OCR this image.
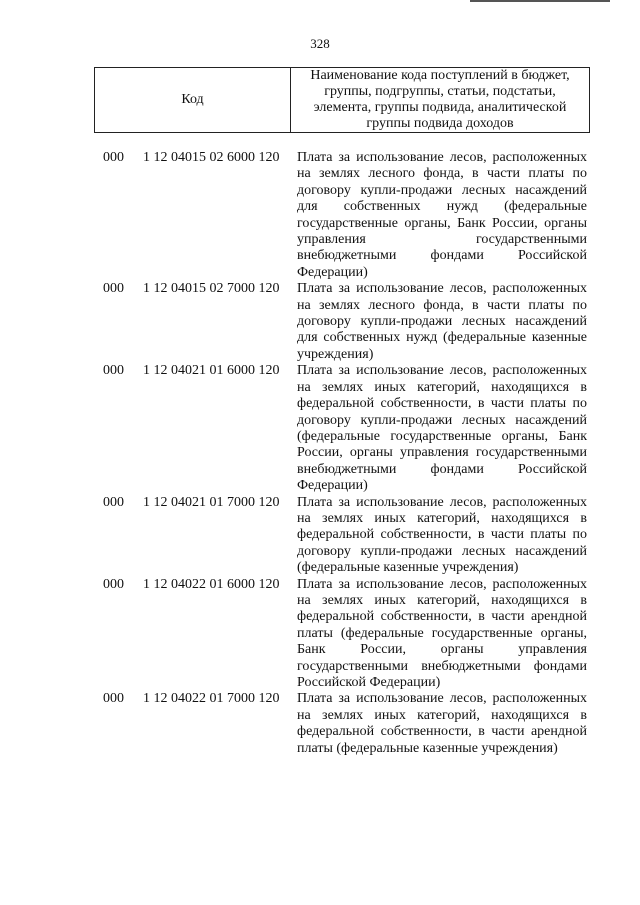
328
Код
Наименование кода поступлений в бюджет, группы, подгруппы, статьи, подстатьи, элемента, группы подвида, аналитической группы подвида доходов
000 1 12 04015 02 6000 120 Плата за использование лесов, расположенных
на землях лесного фонда, в части платы по
договору купли-продажи лесных насаждений
для собственных нужд (федеральные
государственные органы, Банк России, органы
управления государственными
внебюджетными фондами Российской
Федерации)
000 1 12 04015 02 7000 120 Плата за использование лесов, расположенных
на землях лесного фонда, в части платы по
договору купли-продажи лесных насаждений
для собственных нужд (федеральные казенные
учреждения)
000 1 12 04021 01 6000 120 Плата за использование лесов, расположенных
на землях иных категорий, находящихся в
федеральной собственности, в части платы по
договору купли-продажи лесных насаждений
(федеральные государственные органы, Банк
России, органы управления государственными
внебюджетными фондами Российской
Федерации)
000 1 12 04021 01 7000 120 Плата за использование лесов, расположенных
на землях иных категорий, находящихся в
федеральной собственности, в части платы по
договору купли-продажи лесных насаждений
(федеральные казенные учреждения)
000 1 12 04022 01 6000 120 Плата за использование лесов, расположенных
на землях иных категорий, находящихся в
федеральной собственности, в части арендной
платы (федеральные государственные органы,
Банк России, органы управления
государственными внебюджетными фондами
Российской Федерации)
000 1 12 04022 01 7000 120 Плата за использование лесов, расположенных
на землях иных категорий, находящихся в
федеральной собственности, в части арендной
платы (федеральные казенные учреждения)
